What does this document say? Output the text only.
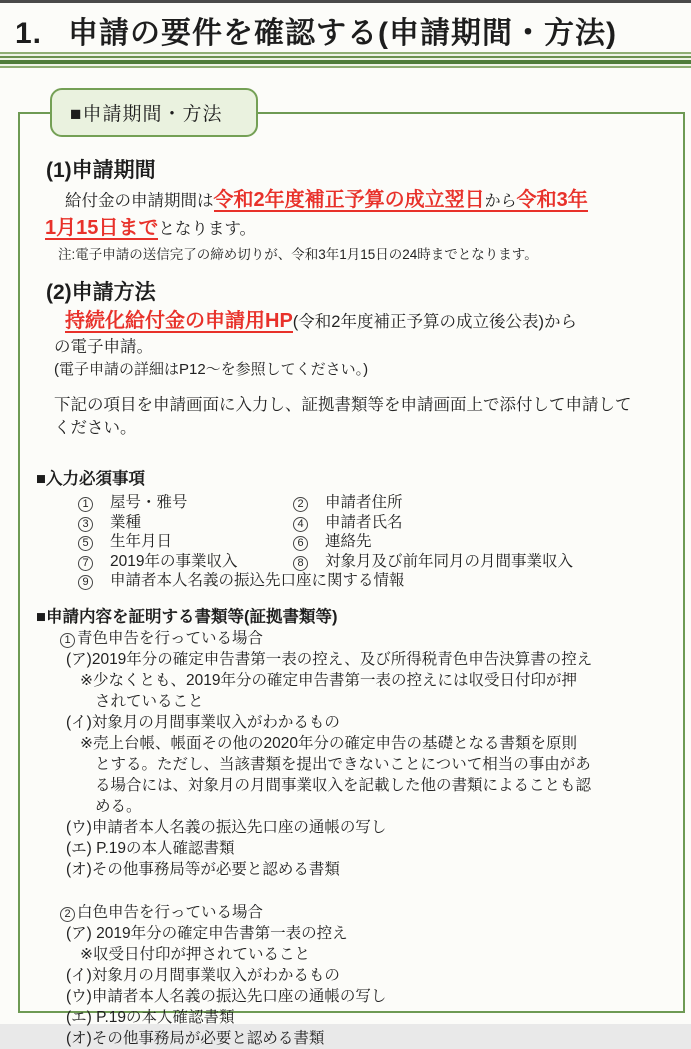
1. 申請の要件を確認する(申請期間・方法)
■申請期間・方法
(1)申請期間
給付金の申請期間は令和2年度補正予算の成立翌日から令和3年
1月15日までとなります。
注:電子申請の送信完了の締め切りが、令和3年1月15日の24時までとなります。
(2)申請方法
持続化給付金の申請用HP(令和2年度補正予算の成立後公表)から
の電子申請。
(電子申請の詳細はP12〜を参照してください。)
下記の項目を申請画面に入力し、証拠書類等を申請画面上で添付して申請して
ください。
■入力必須事項
1	屋号・雅号	2	申請者住所
3	業種	4	申請者氏名
5	生年月日	6	連絡先
7	2019年の事業収入	8	対象月及び前年同月の月間事業収入
9	申請者本人名義の振込先口座に関する情報
■申請内容を証明する書類等(証拠書類等)
1 青色申告を行っている場合
(ア)2019年分の確定申告書第一表の控え、及び所得税青色申告決算書の控え
※少なくとも、2019年分の確定申告書第一表の控えには収受日付印が押
されていること
(イ)対象月の月間事業収入がわかるもの
※売上台帳、帳面その他の2020年分の確定申告の基礎となる書類を原則
とする。ただし、当該書類を提出できないことについて相当の事由があ
る場合には、対象月の月間事業収入を記載した他の書類によることも認
める。
(ウ)申請者本人名義の振込先口座の通帳の写し
(エ) P.19の本人確認書類
(オ)その他事務局等が必要と認める書類
2 白色申告を行っている場合
(ア) 2019年分の確定申告書第一表の控え
※収受日付印が押されていること
(イ)対象月の月間事業収入がわかるもの
(ウ)申請者本人名義の振込先口座の通帳の写し
(エ) P.19の本人確認書類
(オ)その他事務局が必要と認める書類
